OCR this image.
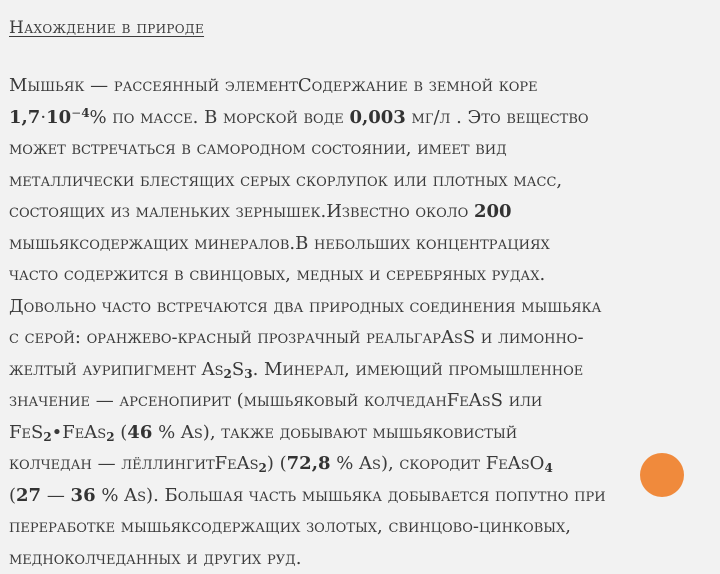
Нахождение в природе
Мышьяк — рассеянный элементСодержание в земной коре
$1,7\cdot 10^{-4}\%$ по массе. В морской воде 0,003 мг/л . Это вещество
может встречаться в самородном состоянии, имеет вид
металлически блестящих серых скорлупок или плотных масс,
состоящих из маленьких зернышек.Известно около 200
мышьяксодержащих минералов.В небольших концентрациях
часто содержится в свинцовых, медных и серебряных рудах.
Довольно часто встречаются два природных соединения мышьяка
с серой: оранжево-красный прозрачный реальгарAsS и лимонно-
желтый аурипигмент $As_2S_3$. Минерал, имеющий промышленное
значение — арсенопирит (мышьяковый колчеданFeAsS или
FeS$_2$•FeAs$_2$ (46 % As), также добывают мышьяковистый
колчедан — лёллингитFeAs$_2$) (72,8 % As), скородит FeAsO$_4$
(27 — 36 % As). Большая часть мышьяка добывается попутно при
переработке мышьяксодержащих золотых, свинцово-цинковых,
медноколчеданных и других руд.
